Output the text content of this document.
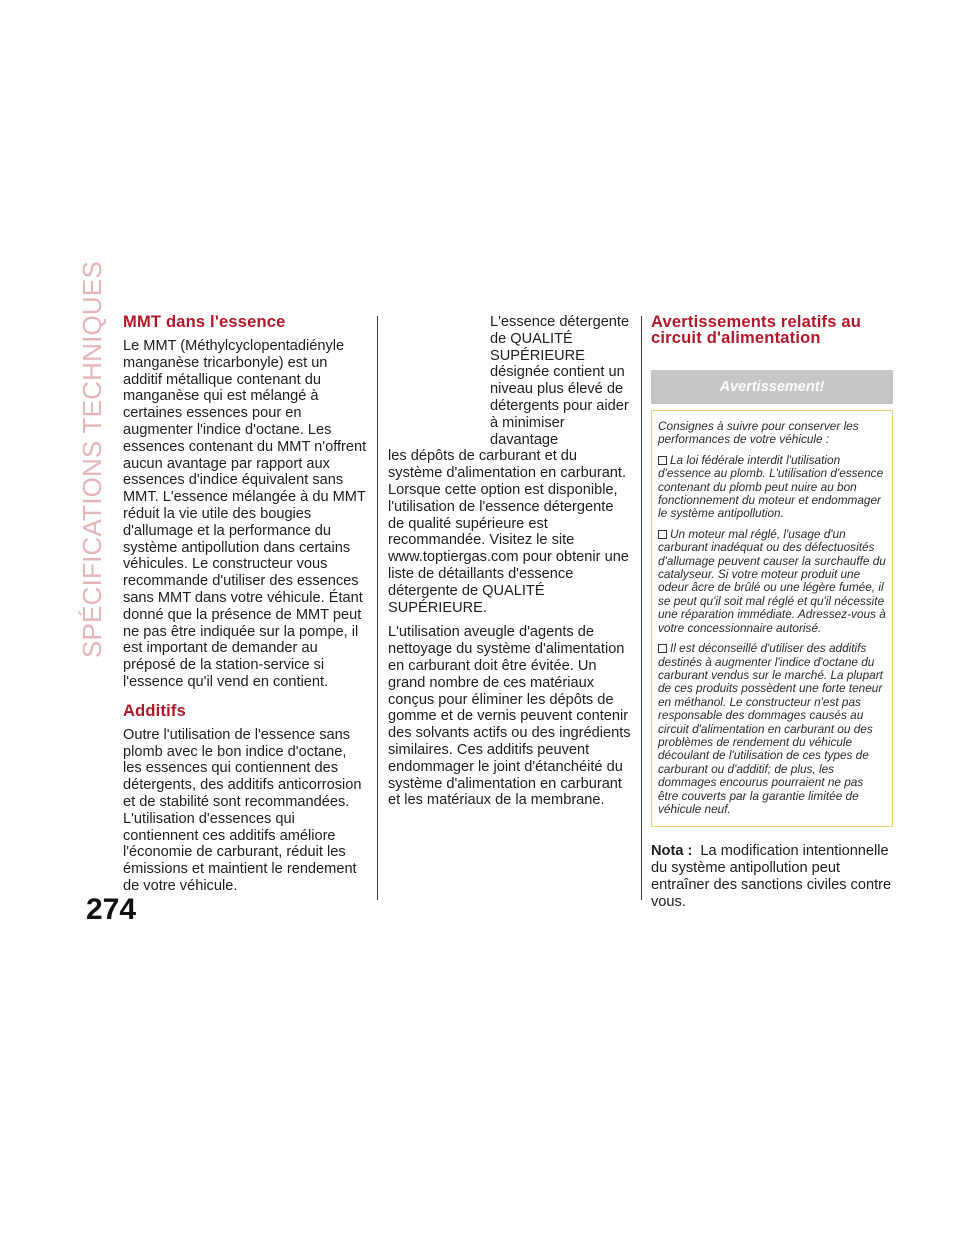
SPÉCIFICATIONS TECHNIQUES MMT dans l'essence

Le MMT (Méthylcyclopentadiényle manganèse tricarbonyle) est un additif métallique contenant du manganèse qui est mélangé à certaines essences pour en augmenter l'indice d'octane. Les essences contenant du MMT n'offrent aucun avantage par rapport aux essences d'indice équivalent sans MMT. L'essence mélangée à du MMT réduit la vie utile des bougies d'allumage et la performance du système antipollution dans certains véhicules. Le constructeur vous recommande d'utiliser des essences sans MMT dans votre véhicule. Étant donné que la présence de MMT peut ne pas être indiquée sur la pompe, il est important de demander au préposé de la station-service si l'essence qu'il vend en contient.

Additifs

Outre l'utilisation de l'essence sans plomb avec le bon indice d'octane, les essences qui contiennent des détergents, des additifs anticorrosion et de stabilité sont recommandées. L'utilisation d'essences qui contiennent ces additifs améliore l'économie de carburant, réduit les émissions et maintient le rendement de votre véhicule.

L'essence détergente
de QUALITÉ
SUPÉRIEURE
désignée contient un
niveau plus élevé de
détergents pour aider
à minimiser davantage

les dépôts de carburant et du système d'alimentation en carburant. Lorsque cette option est disponible, l'utilisation de l'essence détergente de qualité supérieure est recommandée. Visitez le site www.toptiergas.com pour obtenir une liste de détaillants d'essence détergente de QUALITÉ SUPÉRIEURE.

L'utilisation aveugle d'agents de nettoyage du système d'alimentation en carburant doit être évitée. Un grand nombre de ces matériaux conçus pour éliminer les dépôts de gomme et de vernis peuvent contenir des solvants actifs ou des ingrédients similaires. Ces additifs peuvent endommager le joint d'étanchéité du système d'alimentation en carburant et les matériaux de la membrane.

Avertissements relatifs au circuit d'alimentation
Avertissement!

Consignes à suivre pour conserver les performances de votre véhicule :

La loi fédérale interdit l'utilisation d'essence au plomb. L'utilisation d'essence contenant du plomb peut nuire au bon fonctionnement du moteur et endommager le système antipollution.

Un moteur mal réglé, l'usage d'un carburant inadéquat ou des défectuosités d'allumage peuvent causer la surchauffe du catalyseur. Si votre moteur produit une odeur âcre de brûlé ou une légère fumée, il se peut qu'il soit mal réglé et qu'il nécessite une réparation immédiate. Adressez-vous à votre concessionnaire autorisé.

Il est déconseillé d'utiliser des additifs destinés à augmenter l'indice d'octane du carburant vendus sur le marché. La plupart de ces produits possèdent une forte teneur en méthanol. Le constructeur n'est pas responsable des dommages causés au circuit d'alimentation en carburant ou des problèmes de rendement du véhicule découlant de l'utilisation de ces types de carburant ou d'additif; de plus, les dommages encourus pourraient ne pas être couverts par la garantie limitée de véhicule neuf.

Nota : La modification intentionnelle du système antipollution peut entraîner des sanctions civiles contre vous.
274
